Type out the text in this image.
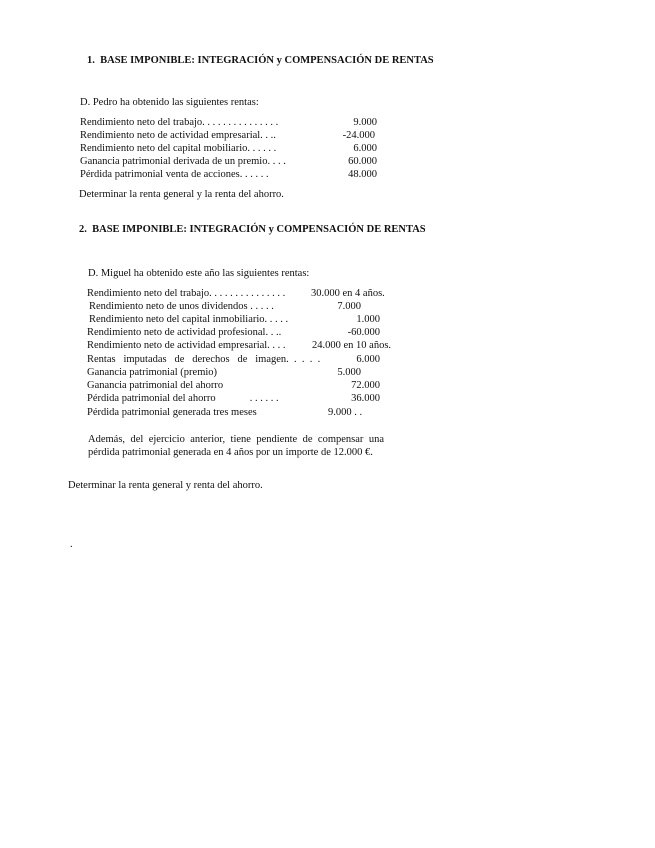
1.  BASE IMPONIBLE: INTEGRACIÓN y COMPENSACIÓN DE RENTAS
D. Pedro ha obtenido las siguientes rentas:
Rendimiento neto del trabajo. . . . . . . . . . . . . . .	9.000
Rendimiento neto de actividad empresarial. . ..	-24.000
Rendimiento neto del capital mobiliario. . . . . .	6.000
Ganancia patrimonial derivada de un premio. . . .	60.000
Pérdida patrimonial venta de acciones. . . . . .	48.000
Determinar la renta general y la renta del ahorro.
2.  BASE IMPONIBLE: INTEGRACIÓN y COMPENSACIÓN DE RENTAS
D. Miguel ha obtenido este año las siguientes rentas:
Rendimiento neto del trabajo. . . . . . . . . . . . . . . 30.000 en 4 años.
Rendimiento neto de unos dividendos . . . . .	7.000
Rendimiento neto del capital inmobiliario. . . . .	1.000
Rendimiento neto de actividad profesional. . ..	-60.000
Rendimiento neto de actividad empresarial. . . .	24.000 en 10 años.
Rentas   imputadas   de   derechos   de   imagen.  .  .  .  .	6.000
Ganancia patrimonial (premio)	5.000
Ganancia patrimonial del ahorro	72.000
Pérdida patrimonial del ahorro             . . . . . .	36.000
Pérdida patrimonial generada tres meses	9.000 . .
Además, del ejercicio anterior, tiene pendiente de compensar una pérdida patrimonial generada en 4 años por un importe de 12.000 €.
Determinar la renta general y renta del ahorro.
.
